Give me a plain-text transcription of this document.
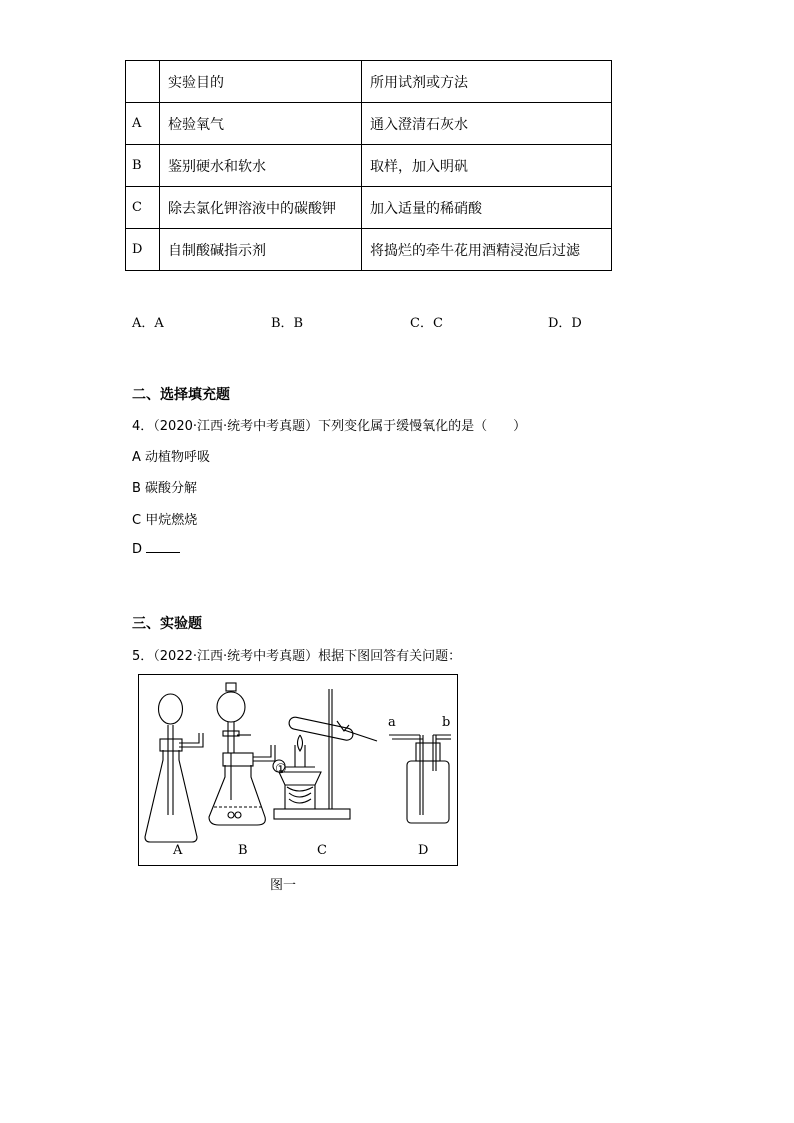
	实验目的	所用试剂或方法
A	检验氧气	通入澄清石灰水
B	鉴别硬水和软水	取样，加入明矾
C	除去氯化钾溶液中的碳酸钾	加入适量的稀硝酸
D	自制酸碱指示剂	将捣烂的牵牛花用酒精浸泡后过滤
A．A	B．B	C．C	D．D
二、选择填充题
4．（2020·江西·统考中考真题）下列变化属于缓慢氧化的是（　　）
A 动植物呼吸
B 碳酸分解
C 甲烷燃烧
D
三、实验题
5．（2022·江西·统考中考真题）根据下图回答有关问题：
①
a	b
A	B	C	D
图一
